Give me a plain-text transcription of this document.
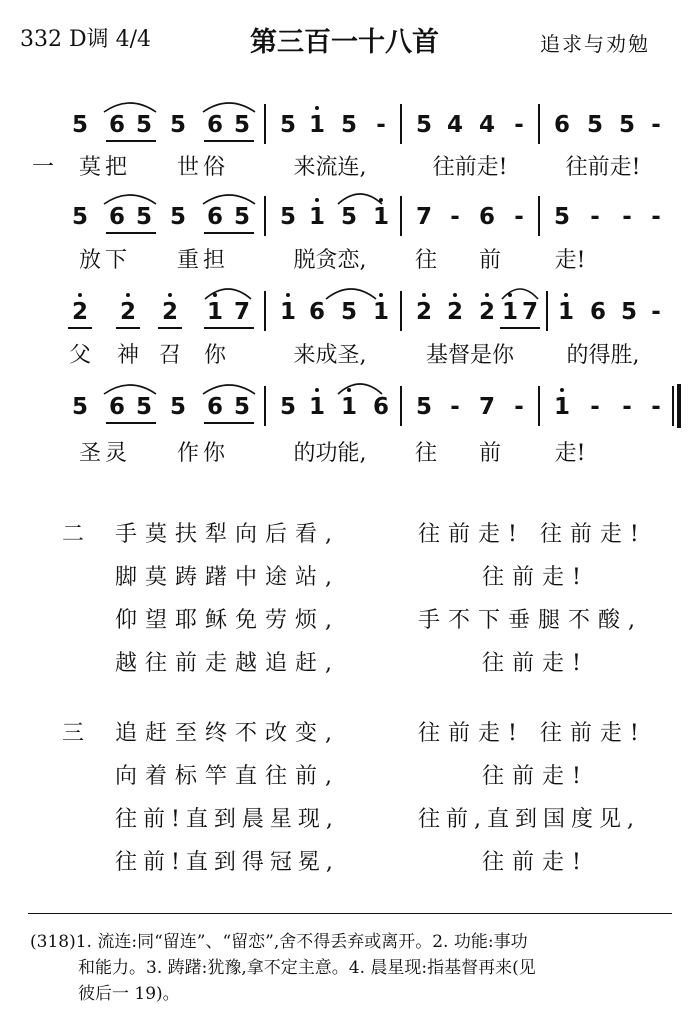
332 D调 4/4	第三百一十八首	追求与劝勉
5 6 5 5 6 5 5 1 5 - 5 4 4 - 6 5 5 -
一 莫把 世俗	来流连,	往前走!	往前走!
5 6 5 5 6 5 5 1 5 1 7 - 6 - 5 - - -
放下 重担	脱贪恋, 往 前 走!
2 2 2 1 7 1 6 5 1 2 2 2 1 7 1 6 5 -
父 神 召 你	来成圣,	基督是你 的得胜,
5 6 5 5 6 5 5 1 1 6 5 - 7 - 1 - - -
圣灵 作你	的功能, 往 前 走!
二 手莫扶犁向后看,	往前走! 往前走!
脚莫踌躇中途站,	往前走!
仰望耶稣免劳烦,	手不下垂腿不酸,
越往前走越追赶,	往前走!
三 追赶至终不改变,	往前走! 往前走!
向着标竿直往前,	往前走!
往前!直到晨星现,	往前,直到国度见,
往前!直到得冠冕,	往前走!
(318)1. 流连:同“留连”、“留恋”,舍不得丢弃或离开。2. 功能:事功
和能力。3. 踌躇:犹豫,拿不定主意。4. 晨星现:指基督再来(见
彼后一 19)。
